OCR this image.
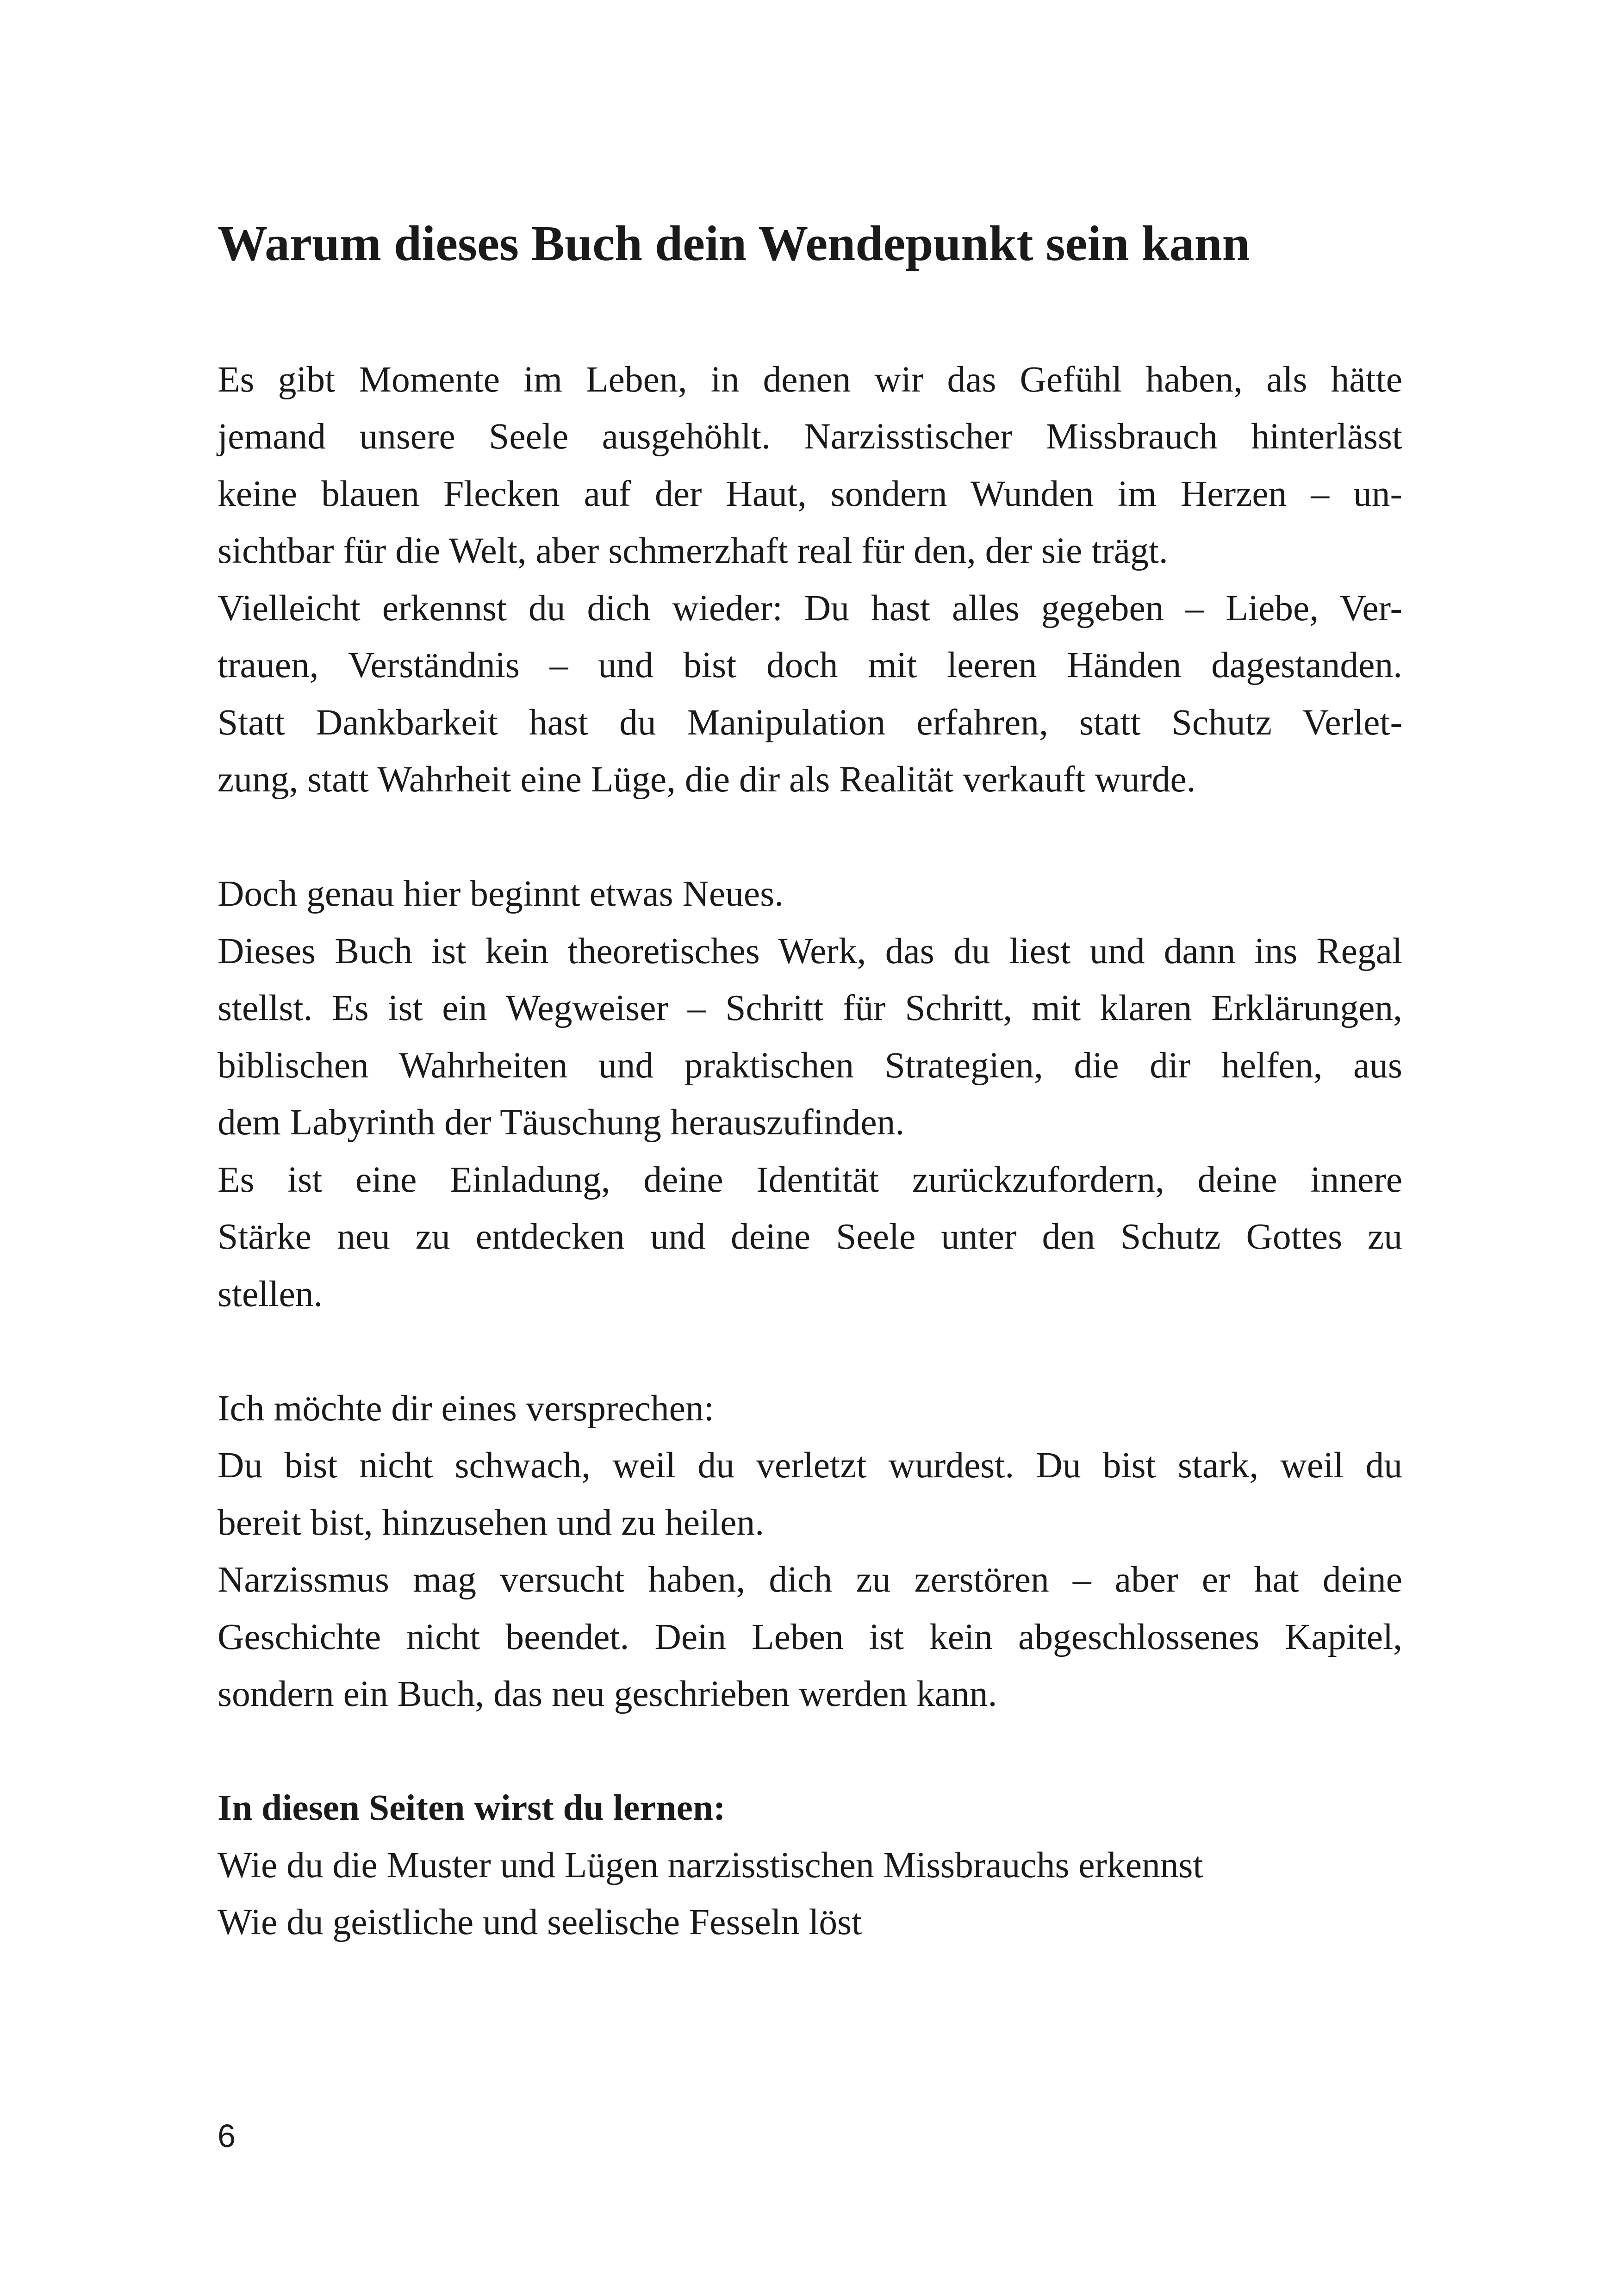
Warum dieses Buch dein Wendepunkt sein kann

Es gibt Momente im Leben, in denen wir das Gefühl haben, als hätte

jemand unsere Seele ausgehöhlt. Narzisstischer Missbrauch hinterlässt

keine blauen Flecken auf der Haut, sondern Wunden im Herzen – un-

sichtbar für die Welt, aber schmerzhaft real für den, der sie trägt.

Vielleicht erkennst du dich wieder: Du hast alles gegeben – Liebe, Ver-

trauen, Verständnis – und bist doch mit leeren Händen dagestanden.

Statt Dankbarkeit hast du Manipulation erfahren, statt Schutz Verlet-

zung, statt Wahrheit eine Lüge, die dir als Realität verkauft wurde.

Doch genau hier beginnt etwas Neues.

Dieses Buch ist kein theoretisches Werk, das du liest und dann ins Regal

stellst. Es ist ein Wegweiser – Schritt für Schritt, mit klaren Erklärungen,

biblischen Wahrheiten und praktischen Strategien, die dir helfen, aus

dem Labyrinth der Täuschung herauszufinden.

Es ist eine Einladung, deine Identität zurückzufordern, deine innere

Stärke neu zu entdecken und deine Seele unter den Schutz Gottes zu

stellen.

Ich möchte dir eines versprechen:

Du bist nicht schwach, weil du verletzt wurdest. Du bist stark, weil du

bereit bist, hinzusehen und zu heilen.

Narzissmus mag versucht haben, dich zu zerstören – aber er hat deine

Geschichte nicht beendet. Dein Leben ist kein abgeschlossenes Kapitel,

sondern ein Buch, das neu geschrieben werden kann.

In diesen Seiten wirst du lernen:

Wie du die Muster und Lügen narzisstischen Missbrauchs erkennst

Wie du geistliche und seelische Fesseln löst

6
